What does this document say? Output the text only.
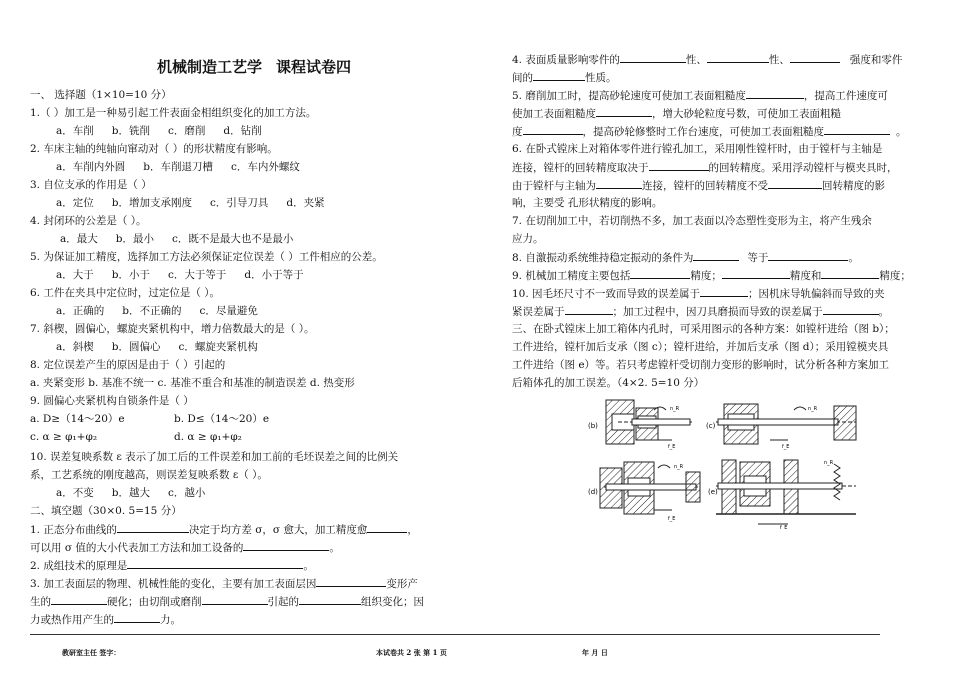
机械制造工艺学 课程试卷四
一、 选择题（1×10=10 分）
1.（ ）加工是一种易引起工件表面金相组织变化的加工方法。
a．车削 b．铣削 c．磨削 d．钻削
2. 车床主轴的纯轴向窜动对（ ）的形状精度有影响。
a．车削内外圆 b．车削退刀槽 c．车内外螺纹
3. 自位支承的作用是（ ）
a．定位 b．增加支承刚度 c．引导刀具 d．夹紧
4. 封闭环的公差是（ ）。
a．最大 b．最小 c．既不是最大也不是最小
5. 为保证加工精度，选择加工方法必须保证定位误差（ ）工件相应的公差。
a．大于 b．小于 c．大于等于 d．小于等于
6. 工件在夹具中定位时，过定位是（ ）。
a．正确的 b．不正确的 c．尽量避免
7. 斜楔，圆偏心，螺旋夹紧机构中，增力倍数最大的是（ ）。
a．斜楔 b．圆偏心 c．螺旋夹紧机构
8. 定位误差产生的原因是由于（ ）引起的
a. 夹紧变形 b. 基准不统一 c. 基准不重合和基准的制造误差 d. 热变形
9. 圆偏心夹紧机构自锁条件是（ ）
a. D≥（14～20）e	b. D≤（14～20）e
c. α ≥ φ₁+φ₂	d. α ≥ φ₁+φ₂
10. 误差复映系数 ε 表示了加工后的工件误差和加工前的毛坯误差之间的比例关
系，工艺系统的刚度越高，则误差复映系数 ε（ ）。
a．不变 b．越大 c．越小
二、填空题（30×0. 5=15 分）
1. 正态分布曲线的	决定于均方差 σ，σ 愈大，加工精度愈	，
可以用 σ 值的大小代表加工方法和加工设备的	。
2. 成组技术的原理是	。
3. 加工表面层的物理、机械性能的变化，主要有加工表面层因	变形产
生的	硬化；由切削或磨削	引起的	组织变化；因
力或热作用产生的	力。
4. 表面质量影响零件的	性、	性、	强度和零件
间的	性质。
5. 磨削加工时，提高砂轮速度可使加工表面粗糙度	，提高工件速度可
使加工表面粗糙度	，增大砂轮粒度号数，可使加工表面粗糙
度	，提高砂轮修整时工作台速度，可使加工表面粗糙度	。
6. 在卧式镗床上对箱体零件进行镗孔加工，采用刚性镗杆时，由于镗杆与主轴是
连接，镗杆的回转精度取决于	的回转精度。采用浮动镗杆与模夹具时，
由于镗杆与主轴为	连接，镗杆的回转精度不受	回转精度的影
响，主要受 孔形状精度的影响。
7. 在切削加工中，若切削热不多，加工表面以冷态塑性变形为主，将产生残余
应力。
8. 自激振动系统维持稳定振动的条件为	等于	。
9. 机械加工精度主要包括	精度；	精度和	精度；
10. 因毛坯尺寸不一致而导致的误差属于	；因机床导轨偏斜而导致的夹
紧误差属于	；加工过程中，因刀具磨损而导致的误差属于	。
三、在卧式镗床上加工箱体内孔时，可采用图示的各种方案：如镗杆进给（图 b）；
工件进给，镗杆加后支承（图 c）；镗杆进给，并加后支承（图 d）；采用镗模夹具
工件进给（图 e）等。若只考虑镗杆受切削力变形的影响时，试分析各种方案加工
后箱体孔的加工误差。（4×2. 5=10 分）
(b)
n_R
f_E
(c)
n_R
f_E
(d)
n_R
f_E
(e)
n_R
f_E
教研室主任 签字：	本试卷共 2 张 第 1 页	年 月 日
